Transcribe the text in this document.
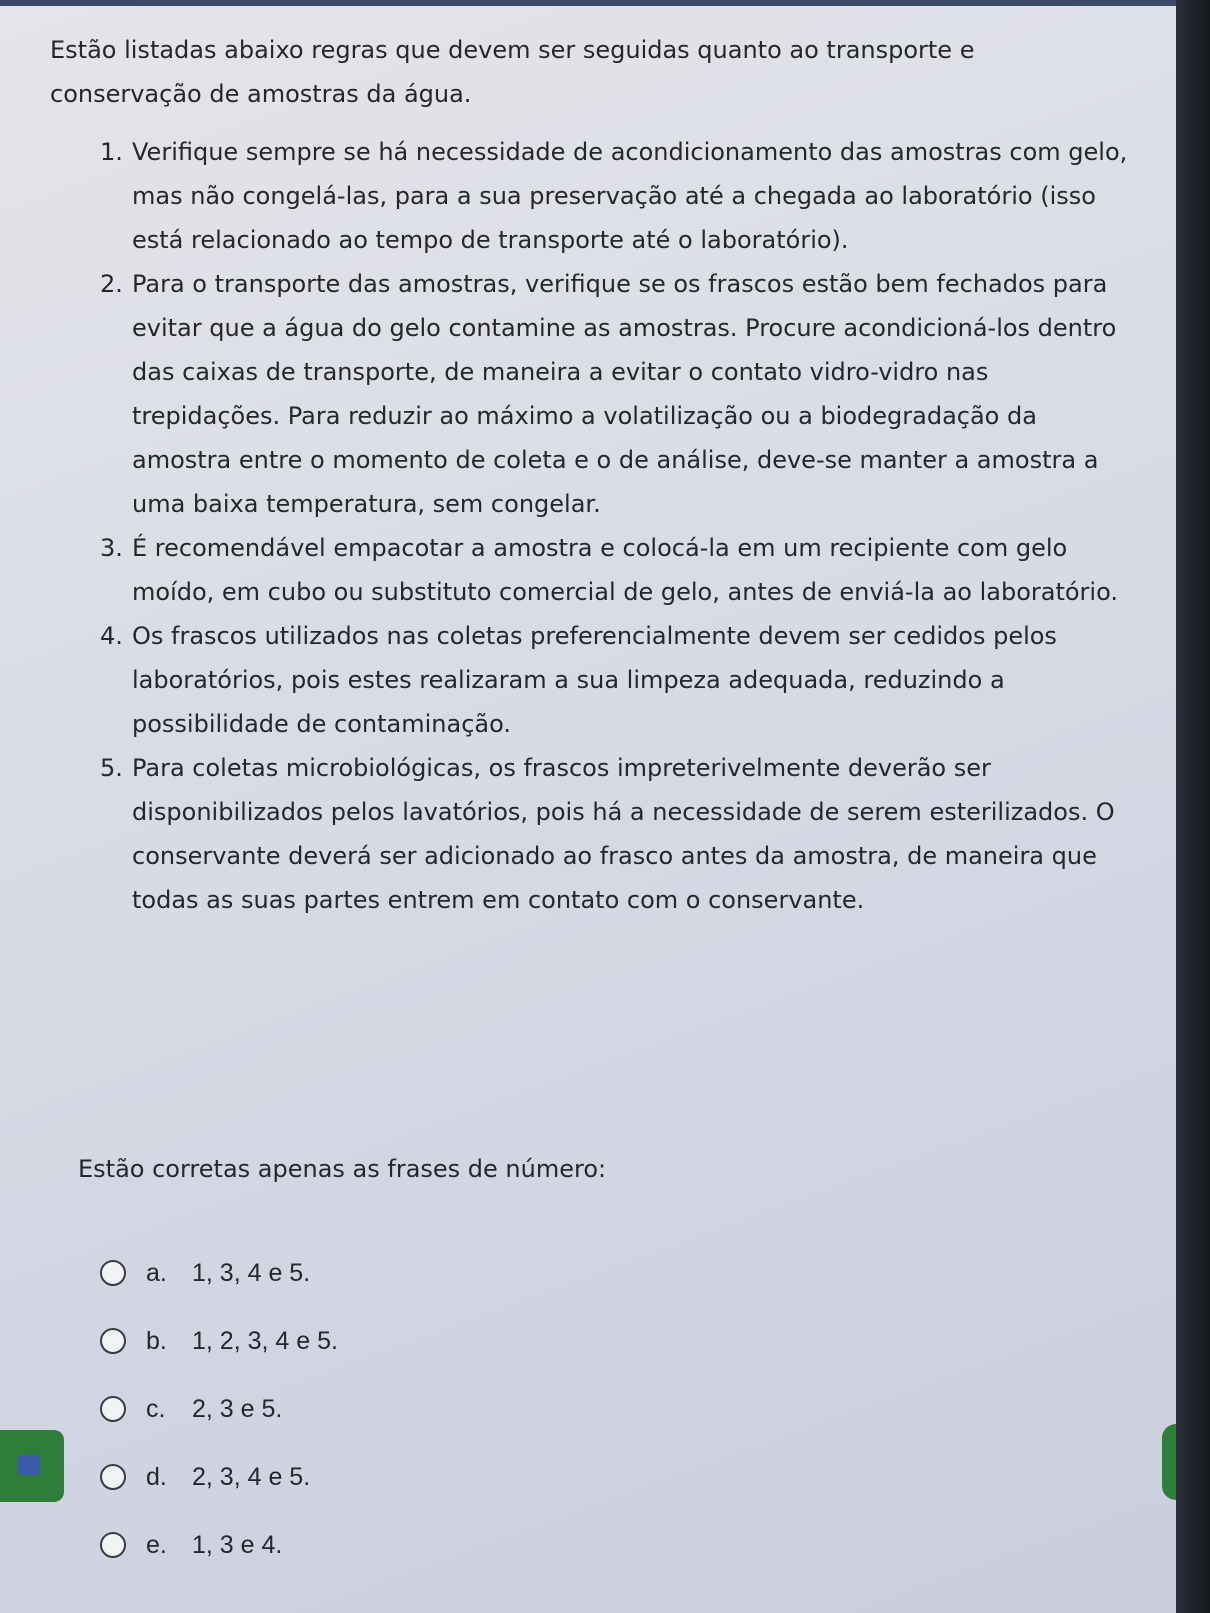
Estão listadas abaixo regras que devem ser seguidas quanto ao transporte e conservação de amostras da água.
1. Verifique sempre se há necessidade de acondicionamento das amostras com gelo, mas não congelá-las, para a sua preservação até a chegada ao laboratório (isso está relacionado ao tempo de transporte até o laboratório).
2. Para o transporte das amostras, verifique se os frascos estão bem fechados para evitar que a água do gelo contamine as amostras. Procure acondicioná-los dentro das caixas de transporte, de maneira a evitar o contato vidro-vidro nas trepidações. Para reduzir ao máximo a volatilização ou a biodegradação da amostra entre o momento de coleta e o de análise, deve-se manter a amostra a uma baixa temperatura, sem congelar.
3. É recomendável empacotar a amostra e colocá-la em um recipiente com gelo moído, em cubo ou substituto comercial de gelo, antes de enviá-la ao laboratório.
4. Os frascos utilizados nas coletas preferencialmente devem ser cedidos pelos laboratórios, pois estes realizaram a sua limpeza adequada, reduzindo a possibilidade de contaminação.
5. Para coletas microbiológicas, os frascos impreterivelmente deverão ser disponibilizados pelos lavatórios, pois há a necessidade de serem esterilizados. O conservante deverá ser adicionado ao frasco antes da amostra, de maneira que todas as suas partes entrem em contato com o conservante.
Estão corretas apenas as frases de número:
a.	1, 3, 4 e 5.
b.	1, 2, 3, 4 e 5.
c.	2, 3 e 5.
d.	2, 3, 4 e 5.
e.	1, 3 e 4.
